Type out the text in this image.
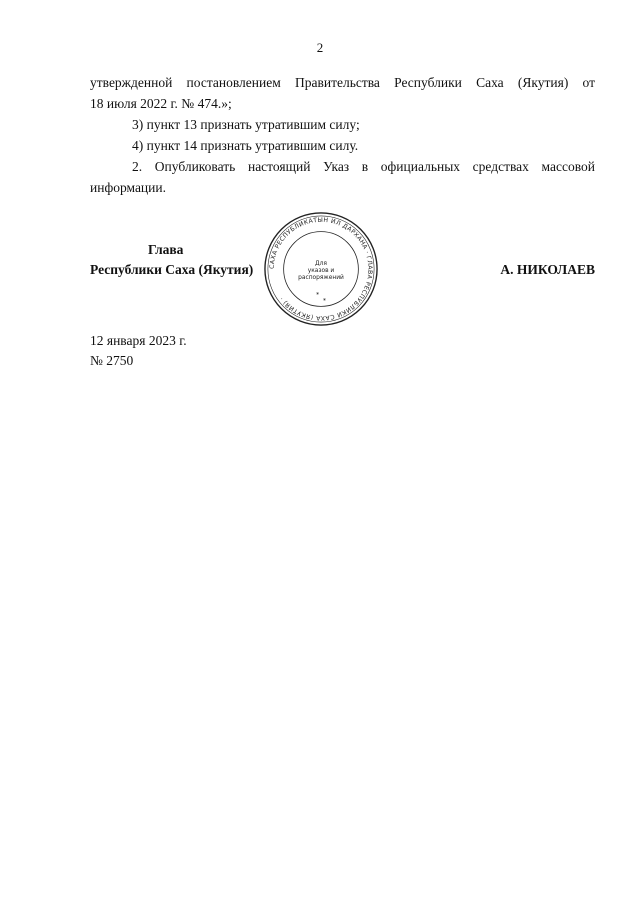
2

утвержденной постановлением Правительства Республики Саха (Якутия) от

18 июля 2022 г. № 474.»;

3) пункт 13 признать утратившим силу;

4) пункт 14 признать утратившим силу.

2. Опубликовать настоящий Указ в официальных средствах массовой

информации.

Глава
Республики Саха (Якутия)	А. НИКОЛАЕВ
САХА РЕСПУБЛИКАТЫН ИЛ ДАРХАНА · ГЛАВА РЕСПУБЛИКИ САХА (ЯКУТИЯ) ·
Для
указов и
распоряжений
*
*
12 января 2023 г.
№ 2750
